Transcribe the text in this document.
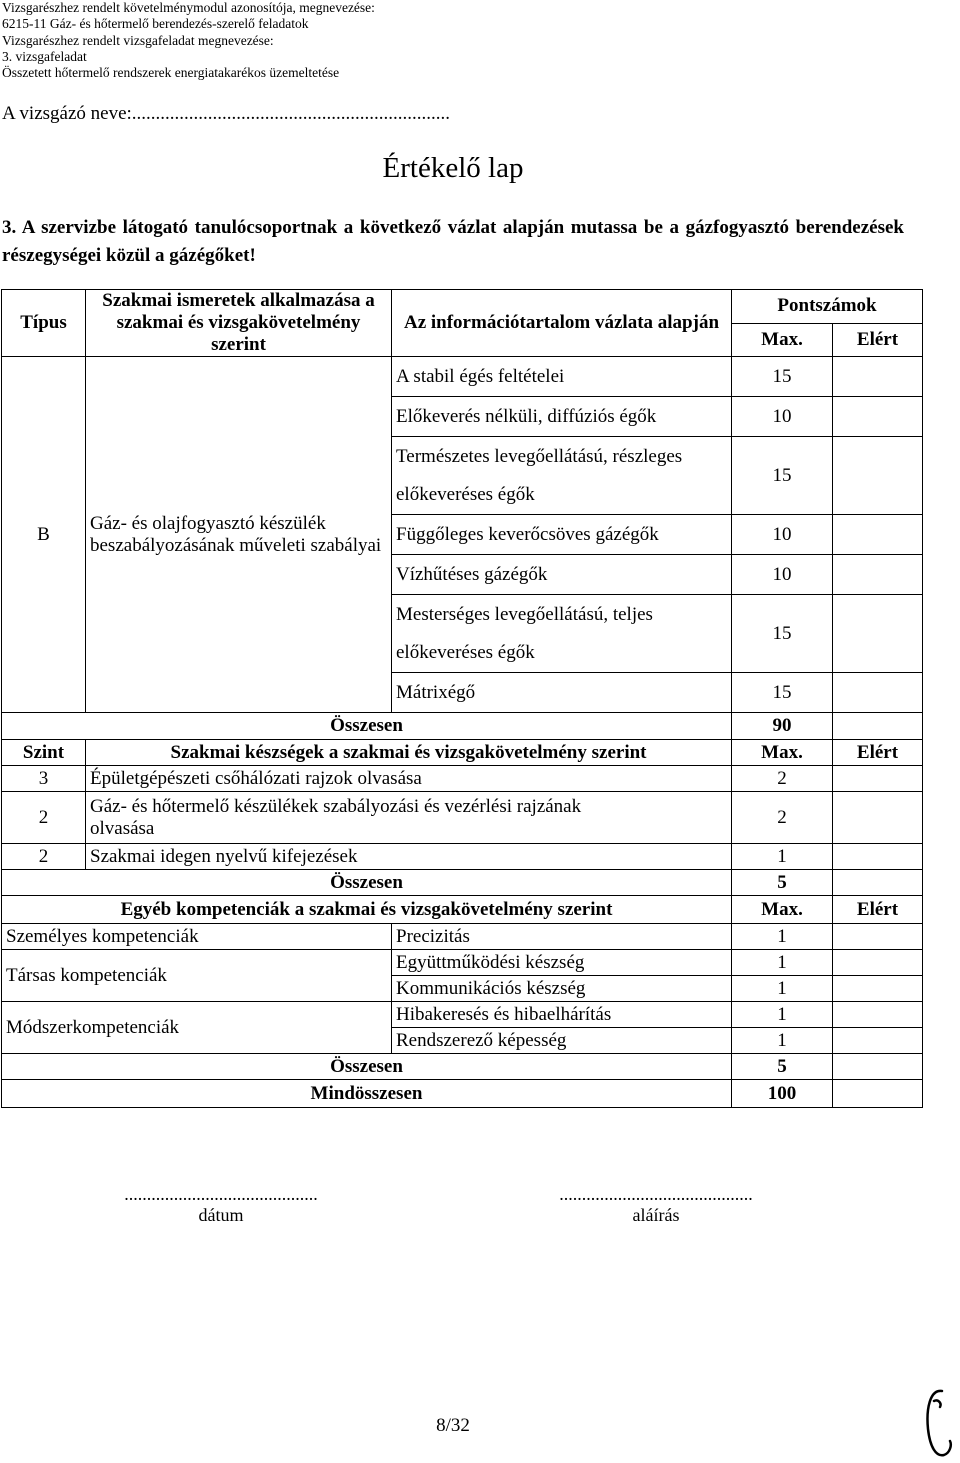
Vizsgarészhez rendelt követelménymodul azonosítója, megnevezése:
6215-11 Gáz- és hőtermelő berendezés-szerelő feladatok
Vizsgarészhez rendelt vizsgafeladat megnevezése:
3. vizsgafeladat
Összetett hőtermelő rendszerek energiatakarékos üzemeltetése
A vizsgázó neve:...................................................................
Értékelő lap
3. A szervizbe látogató tanulócsoportnak a következő vázlat alapján mutassa be a gázfogyasztó berendezések részegységei közül a gázégőket!
Típus	Szakmai ismeretek alkalmazása a szakmai és vizsgakövetelmény szerint	Az információtartalom vázlata alapján	Pontszámok	
			Max.	Elért
B	Gáz- és olajfogyasztó készülék beszabályozásának műveleti szabályai	A stabil égés feltételei	15	
		Előkeverés nélküli, diffúziós égők	10	
		Természetes levegőellátású, részleges előkeveréses égők	15	
		Függőleges keverőcsöves gázégők	10	
		Vízhűtéses gázégők	10	
		Mesterséges levegőellátású, teljes előkeveréses égők	15	
		Mátrixégő	15	
Összesen			90	
Szint	Szakmai készségek a szakmai és vizsgakövetelmény szerint		Max.	Elért
3	Épületgépészeti csőhálózati rajzok olvasása		2	
2	Gáz- és hőtermelő készülékek szabályozási és vezérlési rajzának olvasása		2	
2	Szakmai idegen nyelvű kifejezések		1	
Összesen			5	
Egyéb kompetenciák a szakmai és vizsgakövetelmény szerint			Max.	Elért
Személyes kompetenciák		Precizitás	1	
Társas kompetenciák		Együttműködési készség	1	
		Kommunikációs készség	1	
Módszerkompetenciák		Hibakeresés és hibaelhárítás	1	
		Rendszerező képesség	1	
Összesen			5	
Mindösszesen			100	
...........................................
dátum
...........................................
aláírás
8/32
